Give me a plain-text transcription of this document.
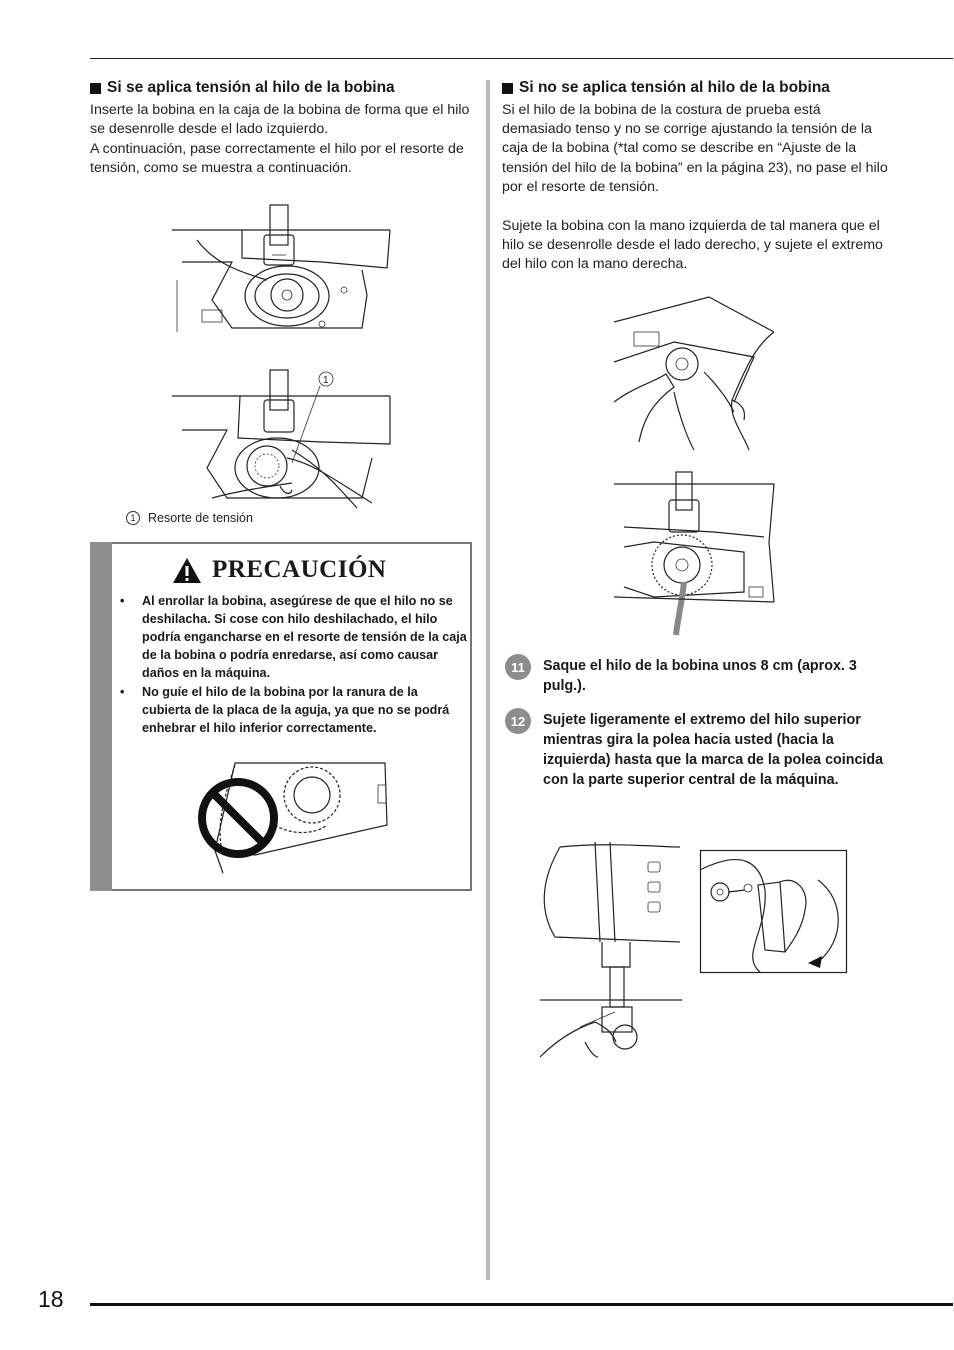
18
Si se aplica tensión al hilo de la bobina
Inserte la bobina en la caja de la bobina de forma que el hilo se desenrolle desde el lado izquierdo.
A continuación, pase correctamente el hilo por el resorte de tensión, como se muestra a continuación.
1
1	Resorte de tensión
PRECAUCIÓN
• Al enrollar la bobina, asegúrese de que el hilo no se deshilacha. Si cose con hilo deshilachado, el hilo podría engancharse en el resorte de tensión de la caja de la bobina o podría enredarse, así como causar daños en la máquina.
• No guíe el hilo de la bobina por la ranura de la cubierta de la placa de la aguja, ya que no se podrá enhebrar el hilo inferior correctamente.
Si no se aplica tensión al hilo de la bobina
Si el hilo de la bobina de la costura de prueba está demasiado tenso y no se corrige ajustando la tensión de la caja de la bobina (*tal como se describe en “Ajuste de la tensión del hilo de la bobina” en la página 23), no pase el hilo por el resorte de tensión.
Sujete la bobina con la mano izquierda de tal manera que el hilo se desenrolle desde el lado derecho, y sujete el extremo del hilo con la mano derecha.
11	Saque el hilo de la bobina unos 8 cm (aprox. 3 pulg.).
12	Sujete ligeramente el extremo del hilo superior mientras gira la polea hacia usted (hacia la izquierda) hasta que la marca de la polea coincida con la parte superior central de la máquina.
